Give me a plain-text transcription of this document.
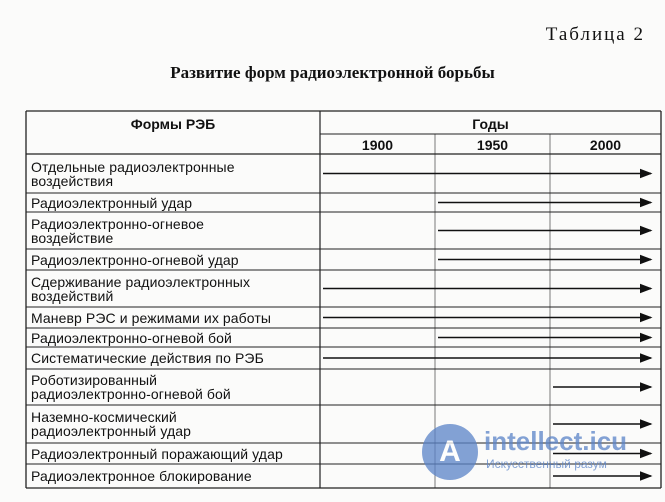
Таблица 2
Развитие форм радиоэлектронной борьбы
Формы РЭБ	Годы
1900	1950	2000
Отдельные радиоэлектронные
воздействия
Радиоэлектронный удар
Радиоэлектронно-огневое
воздействие
Радиоэлектронно-огневой удар
Сдерживание радиоэлектронных
воздействий
Маневр РЭС и режимами их работы
Радиоэлектронно-огневой бой
Систематические действия по РЭБ
Роботизированный
радиоэлектронно-огневой бой
Наземно-космический
радиоэлектронный удар
Радиоэлектронный поражающий удар
Радиоэлектронное блокирование
A intellect.icu
Искусственный разум
